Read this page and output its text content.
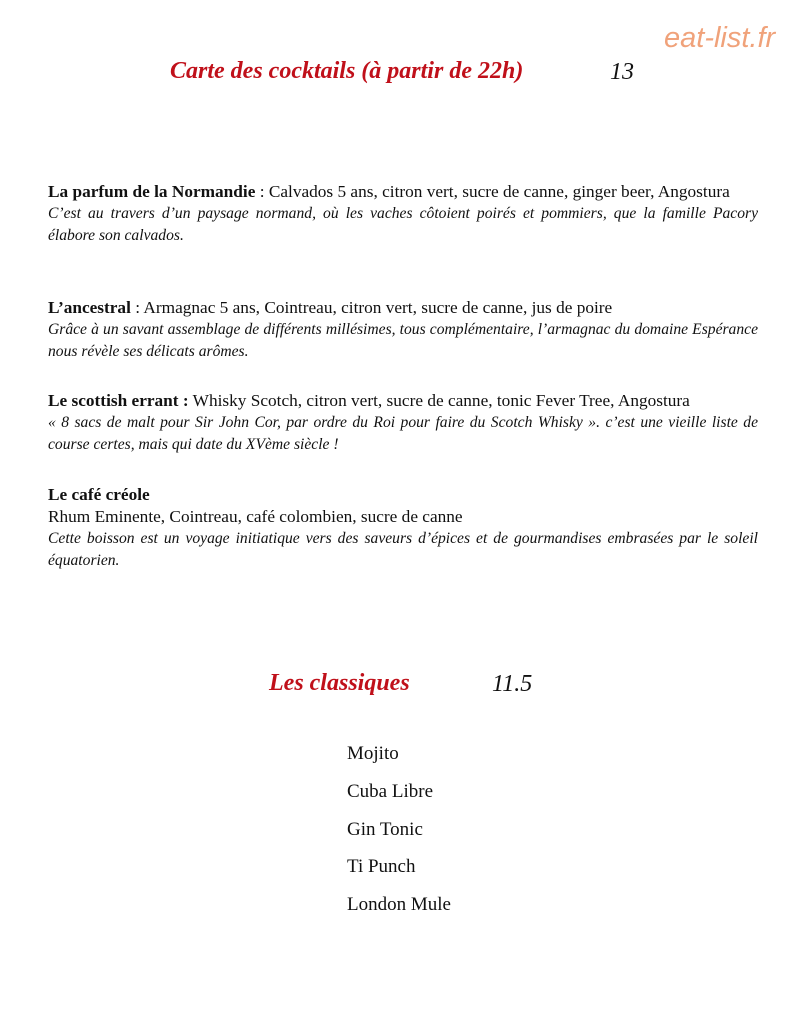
eat-list.fr
Carte des cocktails (à partir de 22h)	13
La parfum de la Normandie : Calvados 5 ans, citron vert, sucre de canne, ginger beer, Angostura
C’est au travers d’un paysage normand, où les vaches côtoient poirés et pommiers, que la famille Pacory élabore son calvados.
L’ancestral : Armagnac 5 ans, Cointreau, citron vert, sucre de canne, jus de poire
Grâce à un savant assemblage de différents millésimes, tous complémentaire, l’armagnac du domaine Espérance nous révèle ses délicats arômes.
Le scottish errant : Whisky Scotch, citron vert, sucre de canne, tonic Fever Tree, Angostura
« 8 sacs de malt pour Sir John Cor, par ordre du Roi pour faire du Scotch Whisky ». c’est une vieille liste de course certes, mais qui date du XVème siècle !
Le café créole
Rhum Eminente, Cointreau, café colombien, sucre de canne
Cette boisson est un voyage initiatique vers des saveurs d’épices et de gourmandises embrasées par le soleil équatorien.
Les classiques	11.5
Mojito
Cuba Libre
Gin Tonic
Ti Punch
London Mule
